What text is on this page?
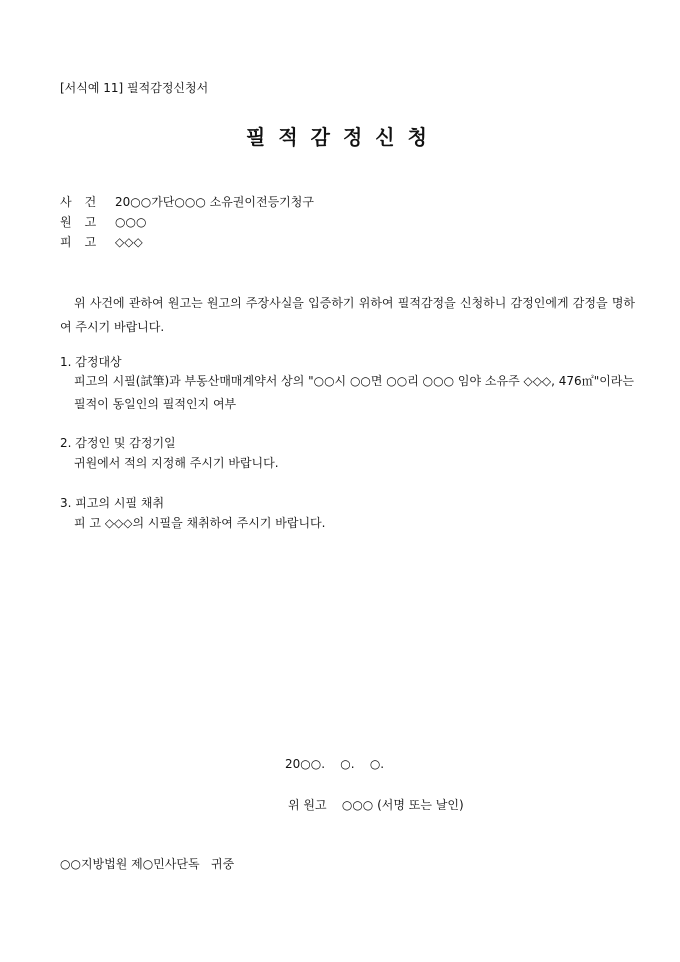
[서식예 11] 필적감정신청서
필적감정신청
사건 20○○가단○○○ 소유권이전등기청구
원고 ○○○
피고 ◇◇◇
위 사건에 관하여 원고는 원고의 주장사실을 입증하기 위하여 필적감정을 신청하니 감정인에게 감정을 명하여 주시기 바랍니다.
1. 감정대상
피고의 시필(試筆)과 부동산매매계약서 상의 "○○시 ○○면 ○○리 ○○○ 임야 소유주 ◇◇◇, 476㎡"이라는 필적이 동일인의 필적인지 여부
2. 감정인 및 감정기일
귀원에서 적의 지정해 주시기 바랍니다.
3. 피고의 시필 채취
피 고 ◇◇◇의 시필을 채취하여 주시기 바랍니다.
20○○.    ○.    ○.
위 원고    ○○○ (서명 또는 날인)
○○지방법원 제○민사단독   귀중
